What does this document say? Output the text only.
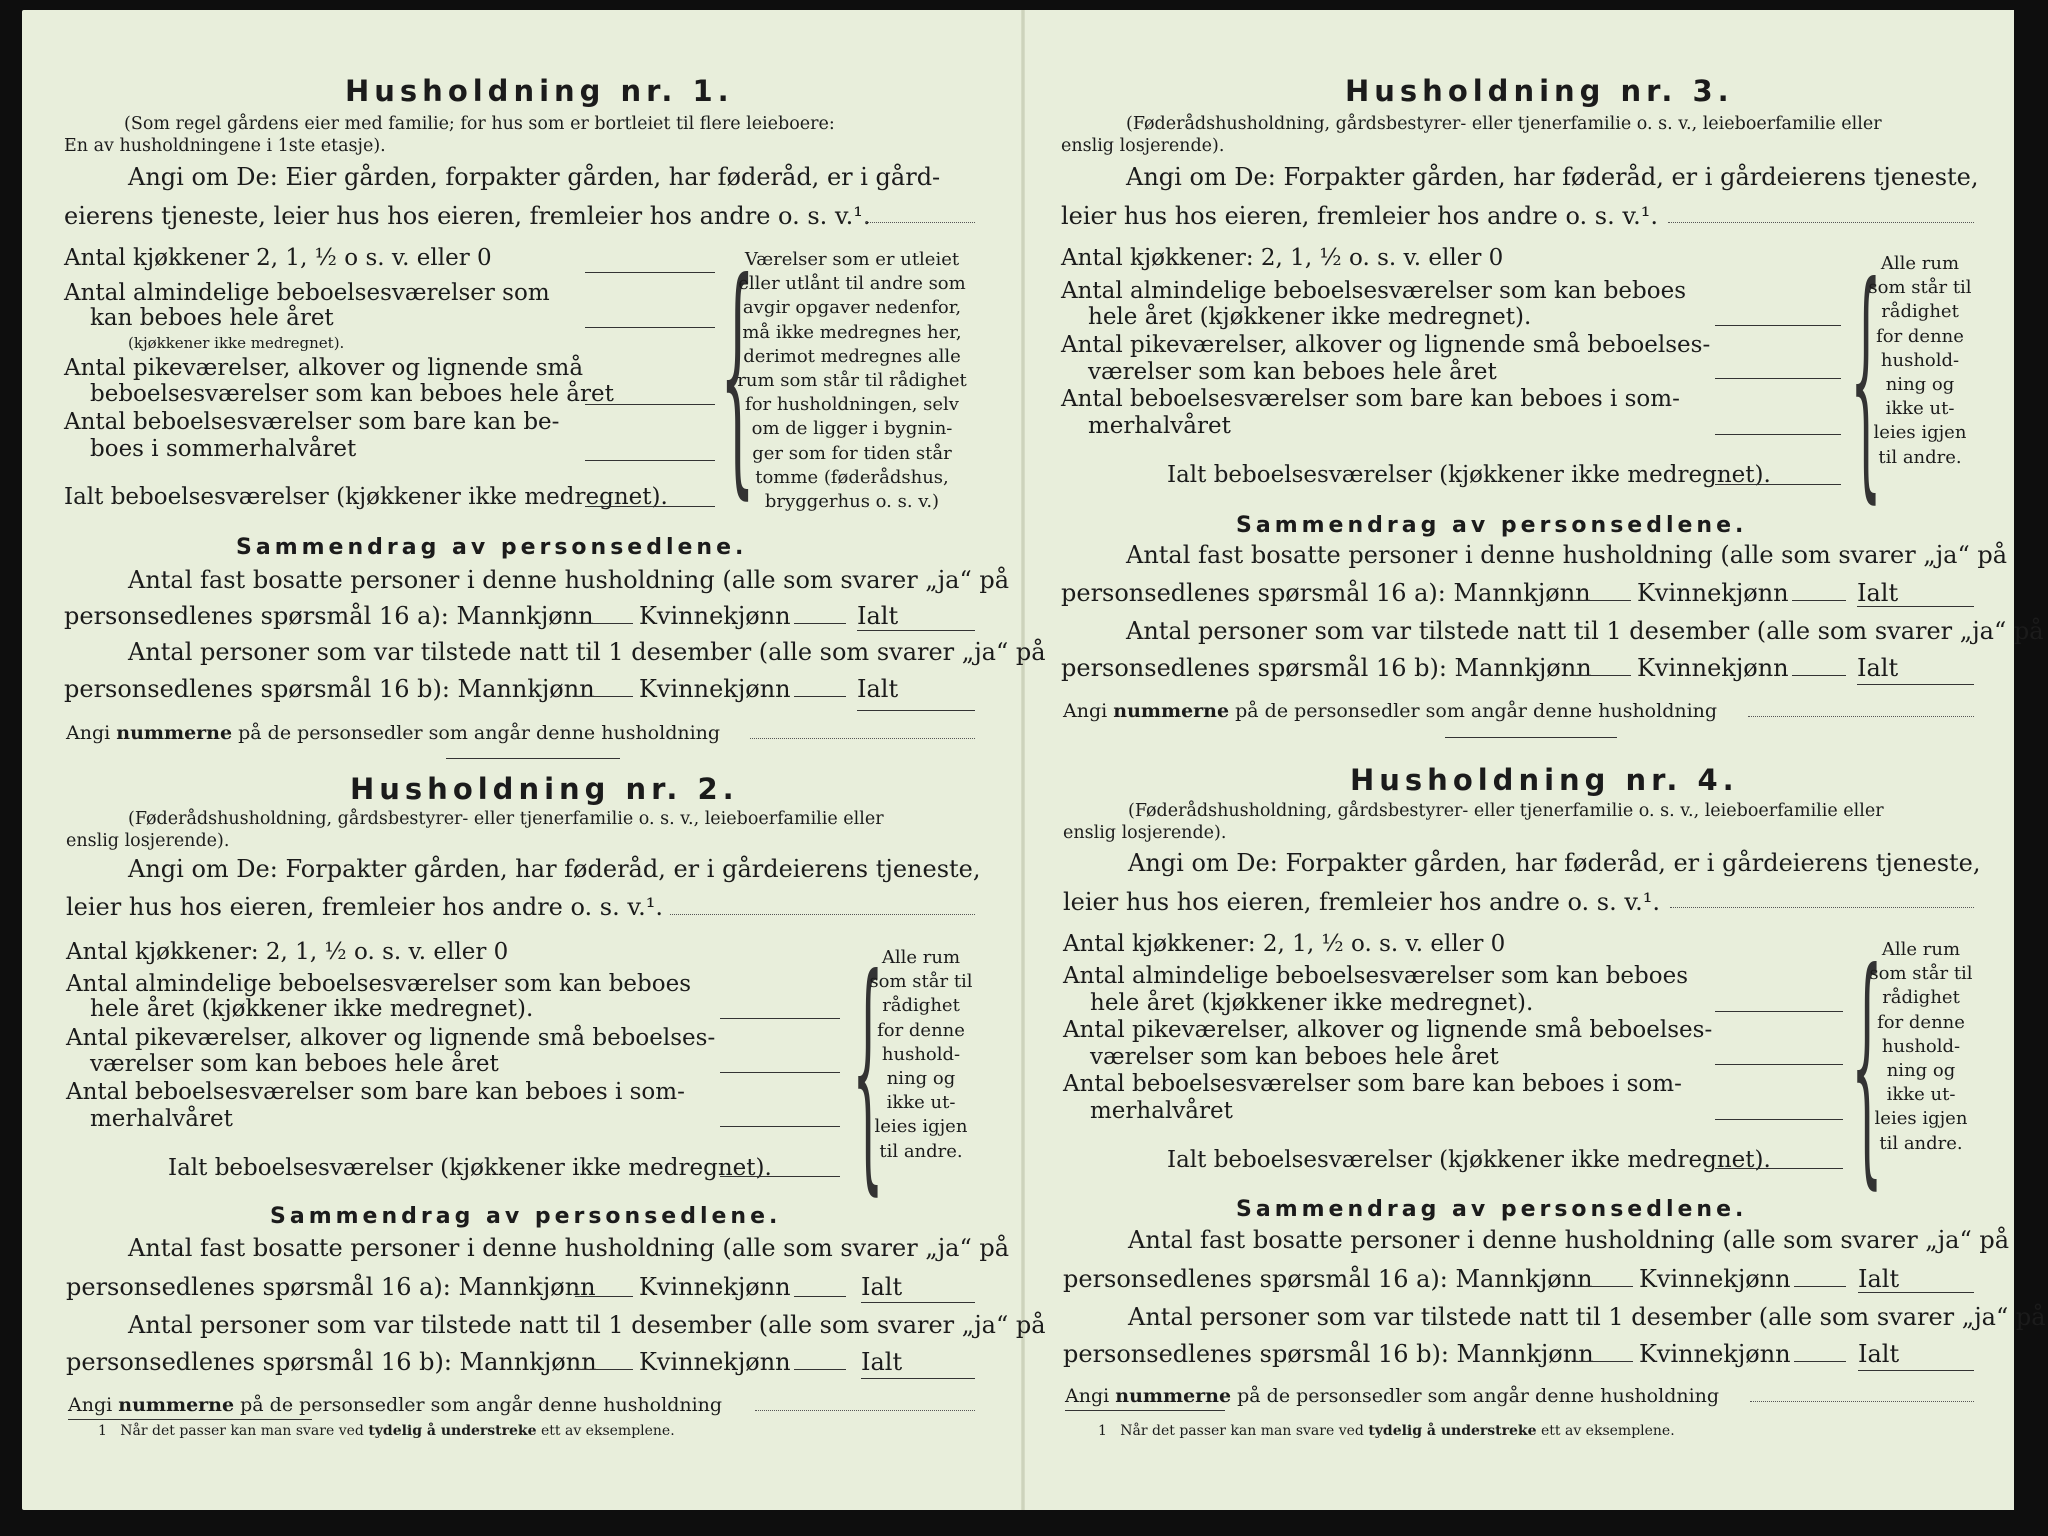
Husholdning nr. 1.
(Som regel gårdens eier med familie; for hus som er bortleiet til flere leieboere:
En av husholdningene i 1ste etasje).
Angi om De: Eier gården, forpakter gården, har føderåd, er i gård-
eierens tjeneste, leier hus hos eieren, fremleier hos andre o. s. v.¹.
Antal kjøkkener 2, 1, ½ o s. v. eller 0
Antal almindelige beboelsesværelser som
kan beboes hele året
(kjøkkener ikke medregnet).
Antal pikeværelser, alkover og lignende små
beboelsesværelser som kan beboes hele året
Antal beboelsesværelser som bare kan be-
boes i sommerhalvåret
Ialt beboelsesværelser (kjøkkener ikke medregnet). {
Værelser som er utleiet
eller utlånt til andre som
avgir opgaver nedenfor,
må ikke medregnes her,
derimot medregnes alle
rum som står til rådighet
for husholdningen, selv
om de ligger i bygnin-
ger som for tiden står
tomme (føderådshus,
bryggerhus o. s. v.)
Sammendrag av personsedlene.
Antal fast bosatte personer i denne husholdning (alle som svarer „ja“ på
personsedlenes spørsmål 16 a): Mannkjønn Kvinnekjønn	Ialt
Antal personer som var tilstede natt til 1 desember (alle som svarer „ja“ på
personsedlenes spørsmål 16 b): Mannkjønn Kvinnekjønn	Ialt
Angi nummerne på de personsedler som angår denne husholdning
Husholdning nr. 2.
(Føderådshusholdning, gårdsbestyrer- eller tjenerfamilie o. s. v., leieboerfamilie eller
enslig losjerende).
Angi om De: Forpakter gården, har føderåd, er i gårdeierens tjeneste,
leier hus hos eieren, fremleier hos andre o. s. v.¹.
Antal kjøkkener: 2, 1, ½ o. s. v. eller 0
Antal almindelige beboelsesværelser som kan beboes
hele året (kjøkkener ikke medregnet).
Antal pikeværelser, alkover og lignende små beboelses-
værelser som kan beboes hele året
Antal beboelsesværelser som bare kan beboes i som-
merhalvåret
Ialt beboelsesværelser (kjøkkener ikke medregnet). {
Alle rum
som står til
rådighet
for denne
hushold-
ning og
ikke ut-
leies igjen
til andre.
Sammendrag av personsedlene.
Antal fast bosatte personer i denne husholdning (alle som svarer „ja“ på
personsedlenes spørsmål 16 a): Mannkjønn Kvinnekjønn	Ialt
Antal personer som var tilstede natt til 1 desember (alle som svarer „ja“ på
personsedlenes spørsmål 16 b): Mannkjønn Kvinnekjønn	Ialt
Angi nummerne på de personsedler som angår denne husholdning
1 Når det passer kan man svare ved tydelig å understreke ett av eksemplene.
Husholdning nr. 3.
(Føderådshusholdning, gårdsbestyrer- eller tjenerfamilie o. s. v., leieboerfamilie eller
enslig losjerende).
Angi om De: Forpakter gården, har føderåd, er i gårdeierens tjeneste,
leier hus hos eieren, fremleier hos andre o. s. v.¹.
Antal kjøkkener: 2, 1, ½ o. s. v. eller 0
Antal almindelige beboelsesværelser som kan beboes
hele året (kjøkkener ikke medregnet).
Antal pikeværelser, alkover og lignende små beboelses-
værelser som kan beboes hele året
Antal beboelsesværelser som bare kan beboes i som-
merhalvåret
Ialt beboelsesværelser (kjøkkener ikke medregnet). { Alle rum
som står til
rådighet
for denne
hushold-
ning og
ikke ut-
leies igjen
til andre.
Sammendrag av personsedlene.
Antal fast bosatte personer i denne husholdning (alle som svarer „ja“ på
personsedlenes spørsmål 16 a): Mannkjønn Kvinnekjønn	Ialt
Antal personer som var tilstede natt til 1 desember (alle som svarer „ja“ på
personsedlenes spørsmål 16 b): Mannkjønn Kvinnekjønn	Ialt
Angi nummerne på de personsedler som angår denne husholdning
Husholdning nr. 4.
(Føderådshusholdning, gårdsbestyrer- eller tjenerfamilie o. s. v., leieboerfamilie eller
enslig losjerende).
Angi om De: Forpakter gården, har føderåd, er i gårdeierens tjeneste,
leier hus hos eieren, fremleier hos andre o. s. v.¹.
Antal kjøkkener: 2, 1, ½ o. s. v. eller 0
Antal almindelige beboelsesværelser som kan beboes
hele året (kjøkkener ikke medregnet).
Antal pikeværelser, alkover og lignende små beboelses-
værelser som kan beboes hele året
Antal beboelsesværelser som bare kan beboes i som-
merhalvåret
Ialt beboelsesværelser (kjøkkener ikke medregnet). { Alle rum
som står til
rådighet
for denne
hushold-
ning og
ikke ut-
leies igjen
til andre.
Sammendrag av personsedlene.
Antal fast bosatte personer i denne husholdning (alle som svarer „ja“ på
personsedlenes spørsmål 16 a): Mannkjønn Kvinnekjønn	Ialt
Antal personer som var tilstede natt til 1 desember (alle som svarer „ja“ på
personsedlenes spørsmål 16 b): Mannkjønn Kvinnekjønn	Ialt
Angi nummerne på de personsedler som angår denne husholdning
1 Når det passer kan man svare ved tydelig å understreke ett av eksemplene.
